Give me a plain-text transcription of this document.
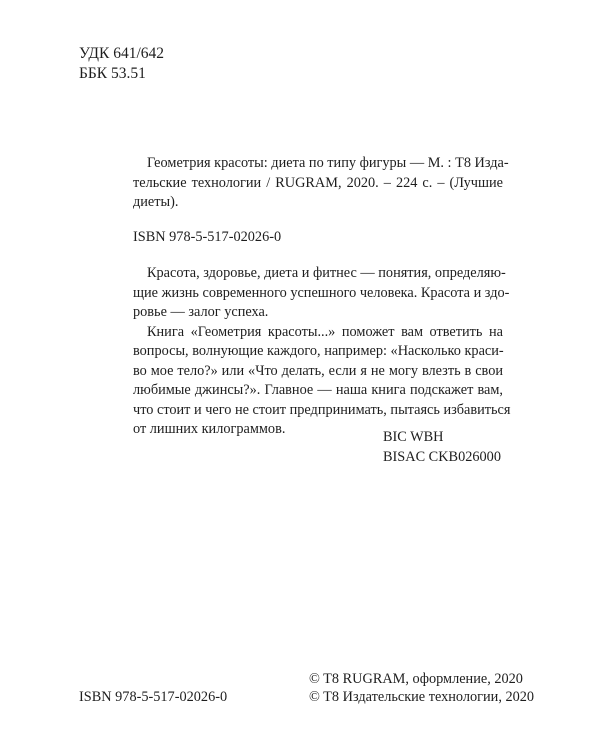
УДК 641/642
ББК 53.51
Геометрия красоты: диета по типу фигуры — М. : T8 Изда-
тельские технологии / RUGRAM, 2020. – 224 с. – (Лучшие
диеты).
ISBN 978-5-517-02026-0
Красота, здоровье, диета и фитнес — понятия, определяю-
щие жизнь современного успешного человека. Красота и здо-
ровье — залог успеха.
Книга «Геометрия красоты...» поможет вам ответить на
вопросы, волнующие каждого, например: «Насколько краси-
во мое тело?» или «Что делать, если я не могу влезть в свои
любимые джинсы?». Главное — наша книга подскажет вам,
что стоит и чего не стоит предпринимать, пытаясь избавиться
от лишних килограммов.	BIC WBH
BISAC CKB026000
ISBN 978-5-517-02026-0
© T8 RUGRAM, оформление, 2020
© T8 Издательские технологии, 2020
